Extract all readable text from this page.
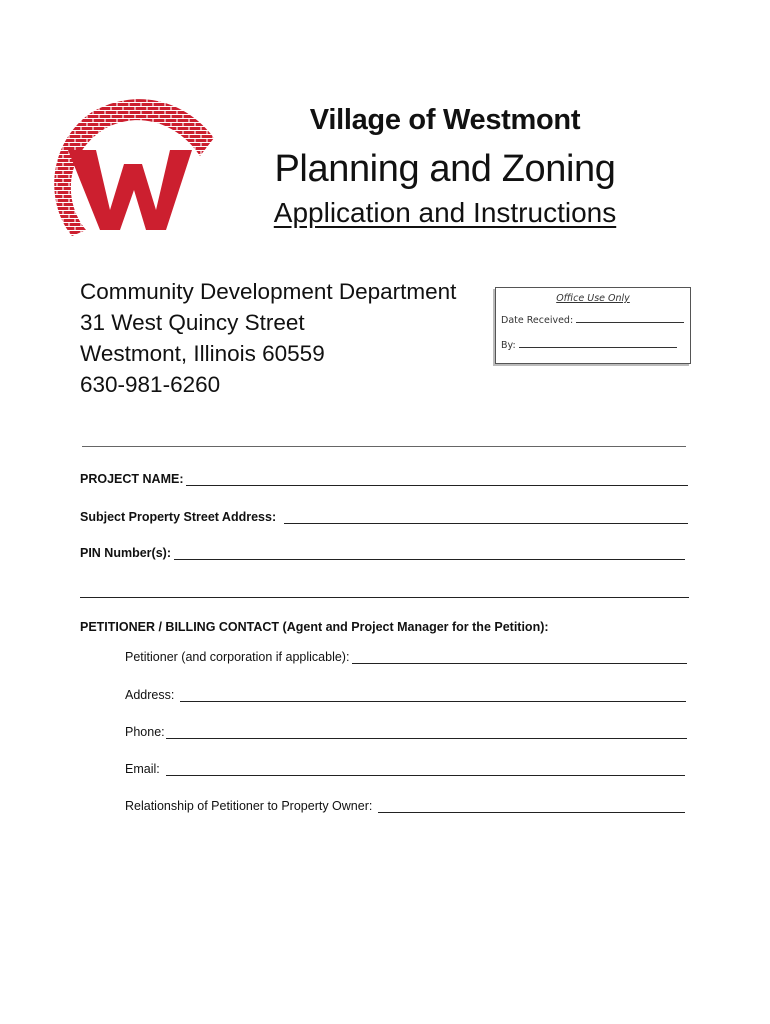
Village of Westmont
Planning and Zoning
Application and Instructions
Community Development Department
31 West Quincy Street
Westmont, Illinois 60559
630-981-6260
Office Use Only
Date Received:
By:
PROJECT NAME:
Subject Property Street Address:
PIN Number(s):
PETITIONER / BILLING CONTACT (Agent and Project Manager for the Petition):
Petitioner (and corporation if applicable):
Address:
Phone:
Email:
Relationship of Petitioner to Property Owner:
